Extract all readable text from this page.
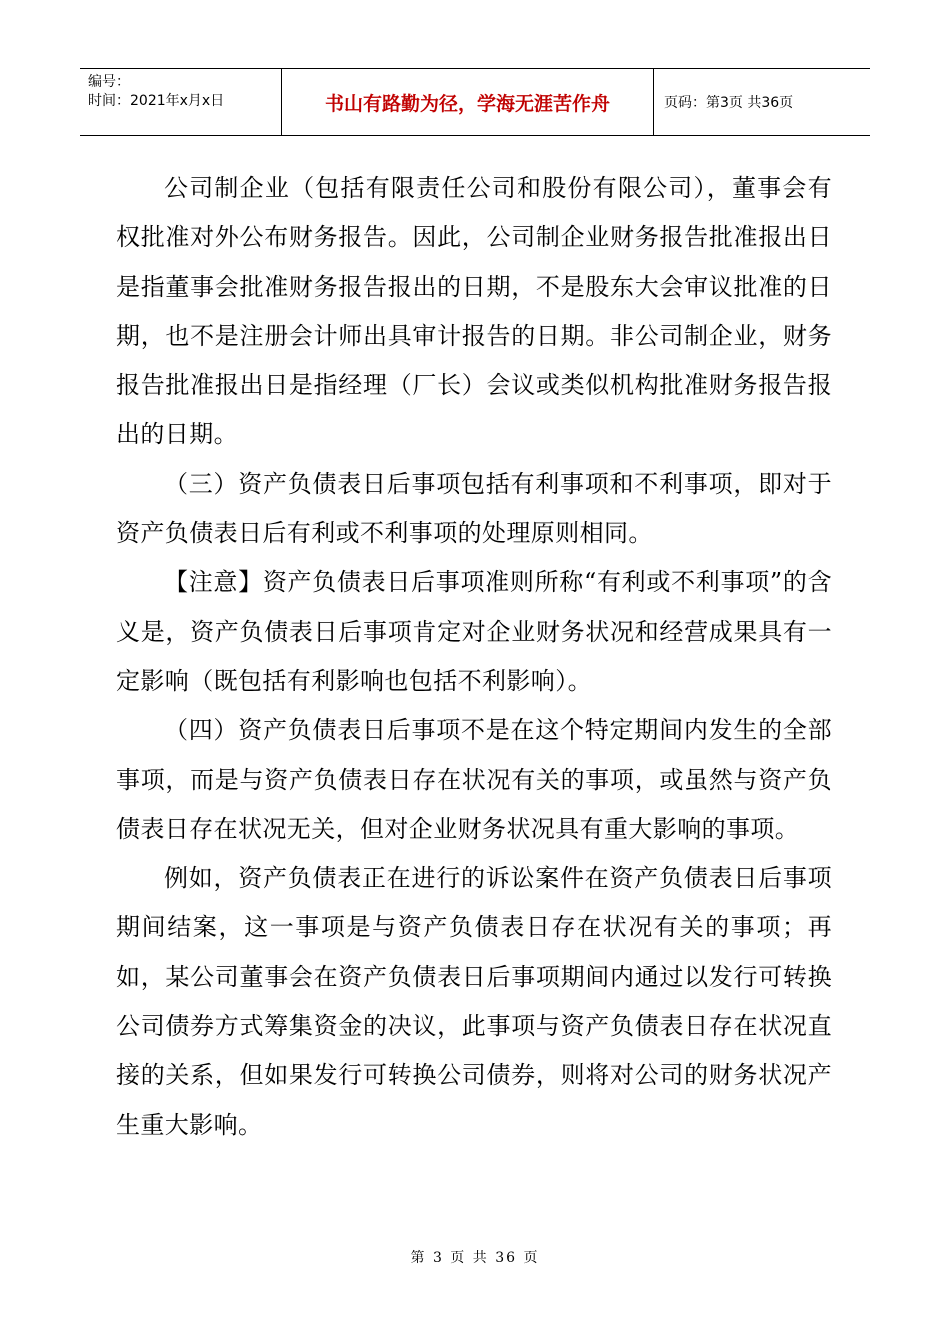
编号：
时间：2021年x月x日	书山有路勤为径，学海无涯苦作舟	页码：第3页 共36页

公司制企业（包括有限责任公司和股份有限公司），董事会有权批准对外公布财务报告。因此，公司制企业财务报告批准报出日是指董事会批准财务报告报出的日期，不是股东大会审议批准的日期，也不是注册会计师出具审计报告的日期。非公司制企业，财务报告批准报出日是指经理（厂长）会议或类似机构批准财务报告报出的日期。

（三）资产负债表日后事项包括有利事项和不利事项，即对于资产负债表日后有利或不利事项的处理原则相同。

【注意】资产负债表日后事项准则所称“有利或不利事项”的含义是，资产负债表日后事项肯定对企业财务状况和经营成果具有一定影响（既包括有利影响也包括不利影响）。

（四）资产负债表日后事项不是在这个特定期间内发生的全部事项，而是与资产负债表日存在状况有关的事项，或虽然与资产负债表日存在状况无关，但对企业财务状况具有重大影响的事项。

例如，资产负债表正在进行的诉讼案件在资产负债表日后事项期间结案，这一事项是与资产负债表日存在状况有关的事项；再如，某公司董事会在资产负债表日后事项期间内通过以发行可转换公司债券方式筹集资金的决议，此事项与资产负债表日存在状况直接的关系，但如果发行可转换公司债券，则将对公司的财务状况产生重大影响。

第 3 页 共 36 页
